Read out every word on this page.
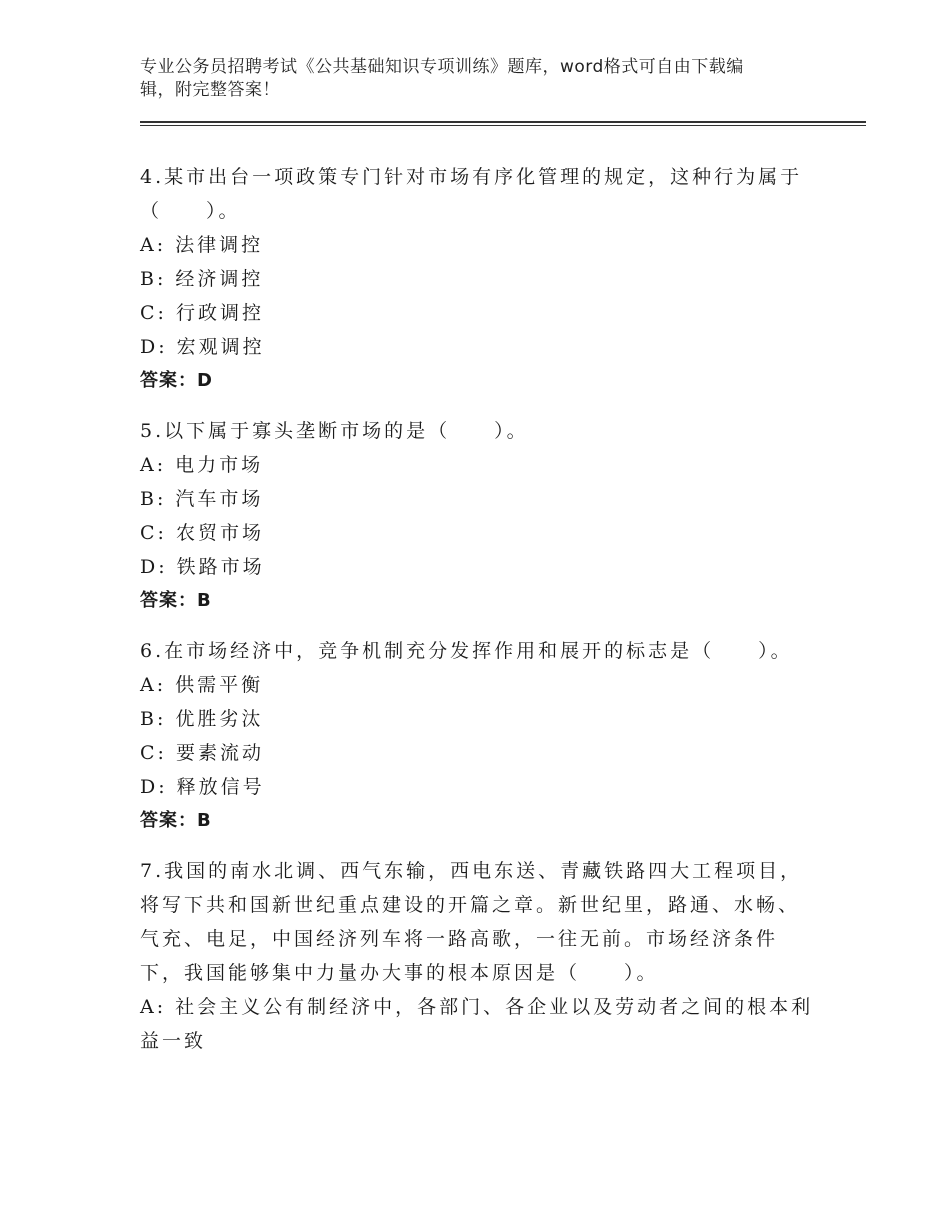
专业公务员招聘考试《公共基础知识专项训练》题库，word格式可自由下载编
辑，附完整答案！
4.某市出台一项政策专门针对市场有序化管理的规定，这种行为属于（　　）。
A: 法律调控
B: 经济调控
C: 行政调控
D: 宏观调控
答案：D
5.以下属于寡头垄断市场的是（　　）。
A: 电力市场
B: 汽车市场
C: 农贸市场
D: 铁路市场
答案：B
6.在市场经济中，竞争机制充分发挥作用和展开的标志是（　　）。
A: 供需平衡
B: 优胜劣汰
C: 要素流动
D: 释放信号
答案：B
7.我国的南水北调、西气东输，西电东送、青藏铁路四大工程项目，将写下共和国新世纪重点建设的开篇之章。新世纪里，路通、水畅、气充、电足，中国经济列车将一路高歌，一往无前。市场经济条件下，我国能够集中力量办大事的根本原因是（　　）。
A: 社会主义公有制经济中，各部门、各企业以及劳动者之间的根本利益一致
